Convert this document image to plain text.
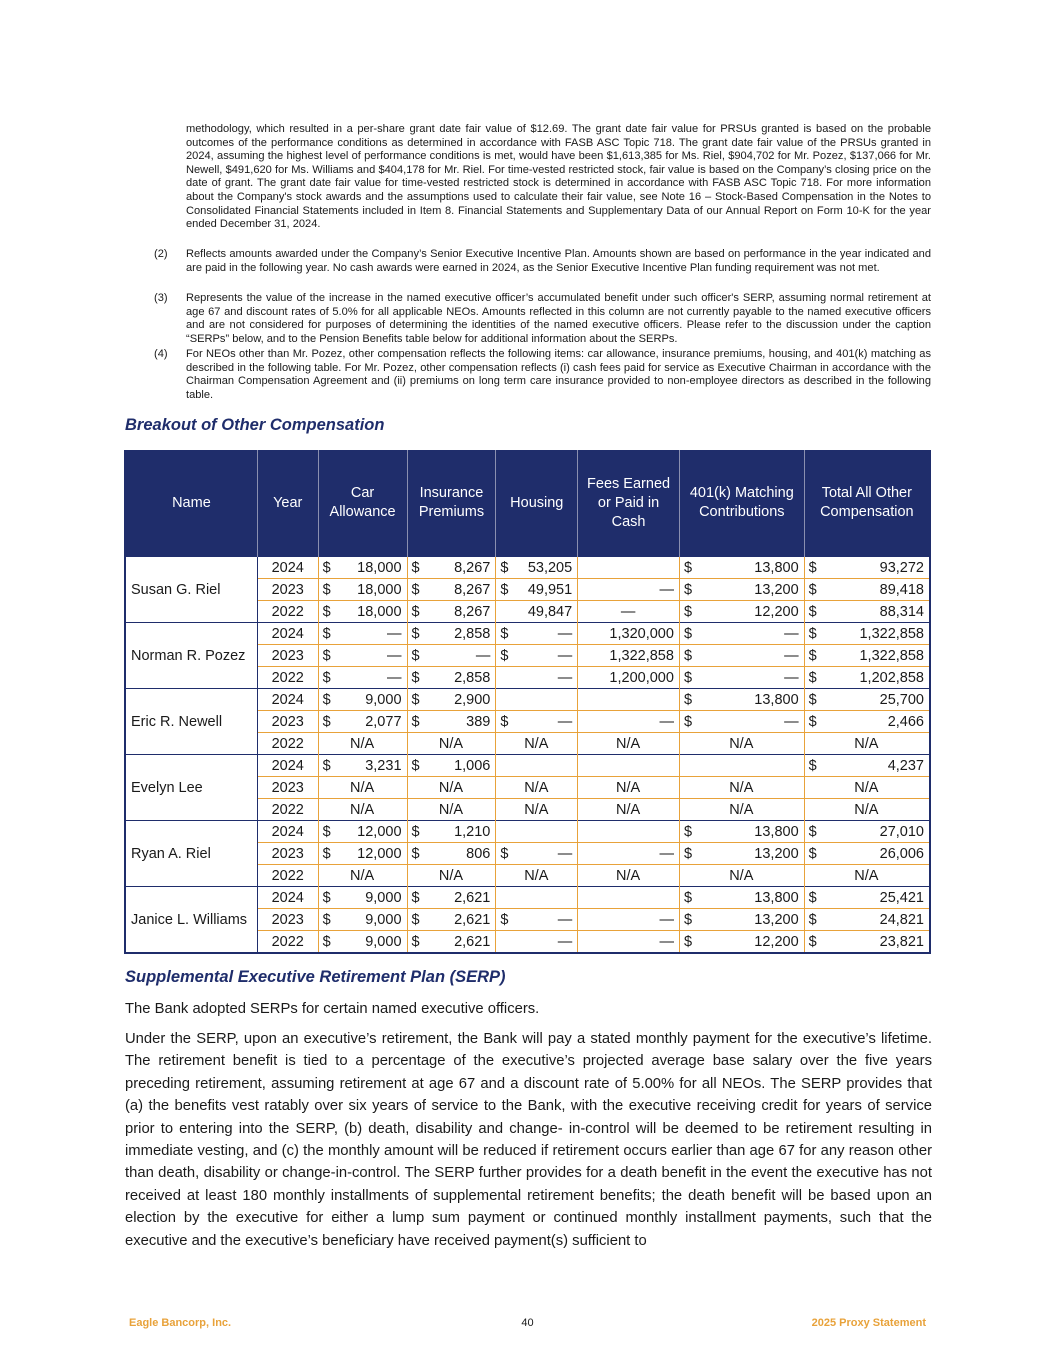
methodology, which resulted in a per-share grant date fair value of $12.69. The grant date fair value for PRSUs granted is based on the probable outcomes of the performance conditions as determined in accordance with FASB ASC Topic 718. The grant date fair value of the PRSUs granted in 2024, assuming the highest level of performance conditions is met, would have been $1,613,385 for Ms. Riel, $904,702 for Mr. Pozez, $137,066 for Mr. Newell, $491,620 for Ms. Williams and $404,178 for Mr. Riel. For time-vested restricted stock, fair value is based on the Company’s closing price on the date of grant. The grant date fair value for time-vested restricted stock is determined in accordance with FASB ASC Topic 718. For more information about the Company's stock awards and the assumptions used to calculate their fair value, see Note 16 – Stock-Based Compensation in the Notes to Consolidated Financial Statements included in Item 8. Financial Statements and Supplementary Data of our Annual Report on Form 10-K for the year ended December 31, 2024.
(2) Reflects amounts awarded under the Company’s Senior Executive Incentive Plan. Amounts shown are based on performance in the year indicated and are paid in the following year. No cash awards were earned in 2024, as the Senior Executive Incentive Plan funding requirement was not met.
(3) Represents the value of the increase in the named executive officer’s accumulated benefit under such officer's SERP, assuming normal retirement at age 67 and discount rates of 5.0% for all applicable NEOs. Amounts reflected in this column are not currently payable to the named executive officers and are not considered for purposes of determining the identities of the named executive officers. Please refer to the discussion under the caption “SERPs” below, and to the Pension Benefits table below for additional information about the SERPs.
(4) For NEOs other than Mr. Pozez, other compensation reflects the following items: car allowance, insurance premiums, housing, and 401(k) matching as described in the following table. For Mr. Pozez, other compensation reflects (i) cash fees paid for service as Executive Chairman in accordance with the Chairman Compensation Agreement and (ii) premiums on long term care insurance provided to non-employee directors as described in the following table.
Breakout of Other Compensation
Name	Year	Car Allowance	Insurance Premiums	Housing	Fees Earned or Paid in Cash	401(k) Matching Contributions	Total All Other Compensation
Susan G. Riel	2024	$ 18,000	$ 8,267	$ 53,205		$ 13,800	$ 93,272

	2023	$ 18,000	$ 8,267	$ 49,951	—	$ 13,200	$ 89,418

	2022	$ 18,000	$ 8,267	49,847	—	$ 12,200	$ 88,314

Norman R. Pozez	2024	$ —	$ 2,858	$ —	1,320,000	$ —	$ 1,322,858

	2023	$ —	$ —	$ —	1,322,858	$ —	$ 1,322,858

	2022	$ —	$ 2,858	—	1,200,000	$ —	$ 1,202,858

Eric R. Newell	2024	$ 9,000	$ 2,900			$ 13,800	$ 25,700

	2023	$ 2,077	$ 389	$ —	—	$ —	$ 2,466

	2022	N/A	N/A	N/A	N/A	N/A	N/A

Evelyn Lee	2024	$ 3,231	$ 1,006				$ 4,237

	2023	N/A	N/A	N/A	N/A	N/A	N/A

	2022	N/A	N/A	N/A	N/A	N/A	N/A

Ryan A. Riel	2024	$ 12,000	$ 1,210			$ 13,800	$ 27,010

	2023	$ 12,000	$ 806	$ —	—	$ 13,200	$ 26,006

	2022	N/A	N/A	N/A	N/A	N/A	N/A

Janice L. Williams	2024	$ 9,000	$ 2,621			$ 13,800	$ 25,421

	2023	$ 9,000	$ 2,621	$ —	—	$ 13,200	$ 24,821

	2022	$ 9,000	$ 2,621	—	—	$ 12,200	$ 23,821
Supplemental Executive Retirement Plan (SERP)
The Bank adopted SERPs for certain named executive officers.
Under the SERP, upon an executive’s retirement, the Bank will pay a stated monthly payment for the executive’s lifetime. The retirement benefit is tied to a percentage of the executive’s projected average base salary over the five years preceding retirement, assuming retirement at age 67 and a discount rate of 5.00% for all NEOs. The SERP provides that (a) the benefits vest ratably over six years of service to the Bank, with the executive receiving credit for years of service prior to entering into the SERP, (b) death, disability and change- in-control will be deemed to be retirement resulting in immediate vesting, and (c) the monthly amount will be reduced if retirement occurs earlier than age 67 for any reason other than death, disability or change-in-control. The SERP further provides for a death benefit in the event the executive has not received at least 180 monthly installments of supplemental retirement benefits; the death benefit will be based upon an election by the executive for either a lump sum payment or continued monthly installment payments, such that the executive and the executive’s beneficiary have received payment(s) sufficient to
Eagle Bancorp, Inc.	40	2025 Proxy Statement
